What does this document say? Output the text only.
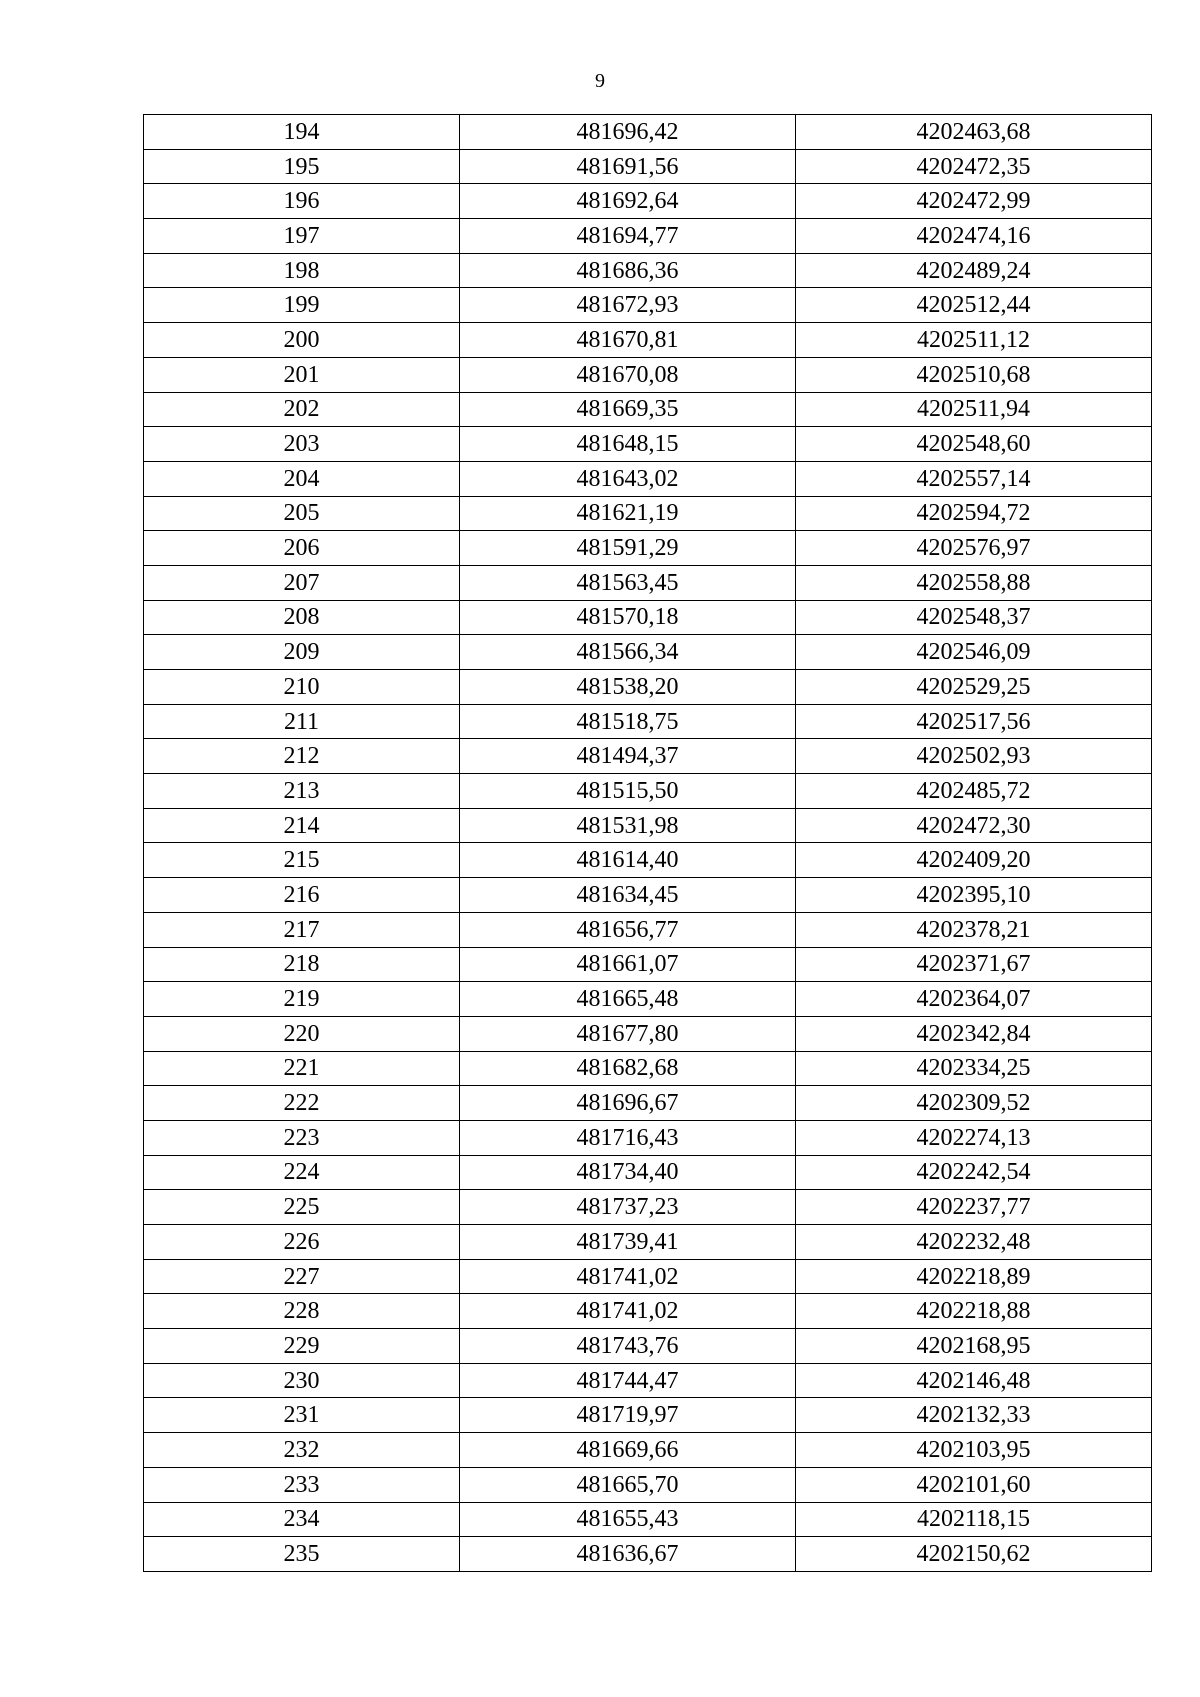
9
194	481696,42	4202463,68
195	481691,56	4202472,35
196	481692,64	4202472,99
197	481694,77	4202474,16
198	481686,36	4202489,24
199	481672,93	4202512,44
200	481670,81	4202511,12
201	481670,08	4202510,68
202	481669,35	4202511,94
203	481648,15	4202548,60
204	481643,02	4202557,14
205	481621,19	4202594,72
206	481591,29	4202576,97
207	481563,45	4202558,88
208	481570,18	4202548,37
209	481566,34	4202546,09
210	481538,20	4202529,25
211	481518,75	4202517,56
212	481494,37	4202502,93
213	481515,50	4202485,72
214	481531,98	4202472,30
215	481614,40	4202409,20
216	481634,45	4202395,10
217	481656,77	4202378,21
218	481661,07	4202371,67
219	481665,48	4202364,07
220	481677,80	4202342,84
221	481682,68	4202334,25
222	481696,67	4202309,52
223	481716,43	4202274,13
224	481734,40	4202242,54
225	481737,23	4202237,77
226	481739,41	4202232,48
227	481741,02	4202218,89
228	481741,02	4202218,88
229	481743,76	4202168,95
230	481744,47	4202146,48
231	481719,97	4202132,33
232	481669,66	4202103,95
233	481665,70	4202101,60
234	481655,43	4202118,15
235	481636,67	4202150,62
